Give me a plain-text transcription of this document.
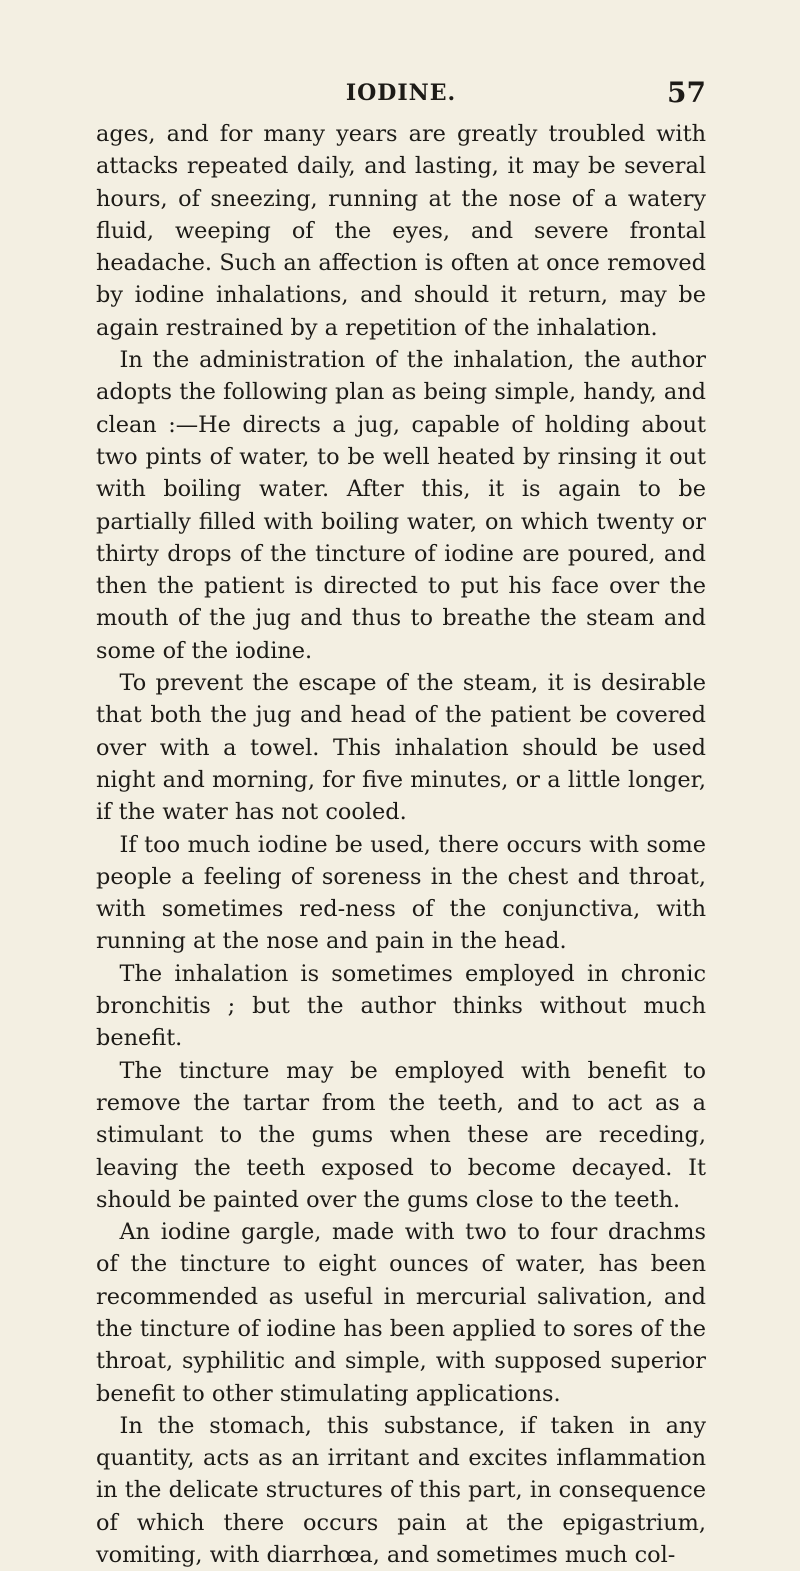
IODINE.	57

ages, and for many years are greatly troubled with attacks repeated daily, and lasting, it may be several hours, of sneezing, running at the nose of a watery fluid, weeping of the eyes, and severe frontal headache. Such an affection is often at once removed by iodine inhalations, and should it return, may be again restrained by a repetition of the inhalation.

In the administration of the inhalation, the author adopts the following plan as being simple, handy, and clean :—He directs a jug, capable of holding about two pints of water, to be well heated by rinsing it out with boiling water. After this, it is again to be partially filled with boiling water, on which twenty or thirty drops of the tincture of iodine are poured, and then the patient is directed to put his face over the mouth of the jug and thus to breathe the steam and some of the iodine.

To prevent the escape of the steam, it is desirable that both the jug and head of the patient be covered over with a towel. This inhalation should be used night and morning, for five minutes, or a little longer, if the water has not cooled.

If too much iodine be used, there occurs with some people a feeling of soreness in the chest and throat, with sometimes red-ness of the conjunctiva, with running at the nose and pain in the head.

The inhalation is sometimes employed in chronic bronchitis ; but the author thinks without much benefit.

The tincture may be employed with benefit to remove the tartar from the teeth, and to act as a stimulant to the gums when these are receding, leaving the teeth exposed to become decayed. It should be painted over the gums close to the teeth.

An iodine gargle, made with two to four drachms of the tincture to eight ounces of water, has been recommended as useful in mercurial salivation, and the tincture of iodine has been applied to sores of the throat, syphilitic and simple, with supposed superior benefit to other stimulating applications.

In the stomach, this substance, if taken in any quantity, acts as an irritant and excites inflammation in the delicate structures of this part, in consequence of which there occurs pain at the epigastrium, vomiting, with diarrhœa, and sometimes much col-
